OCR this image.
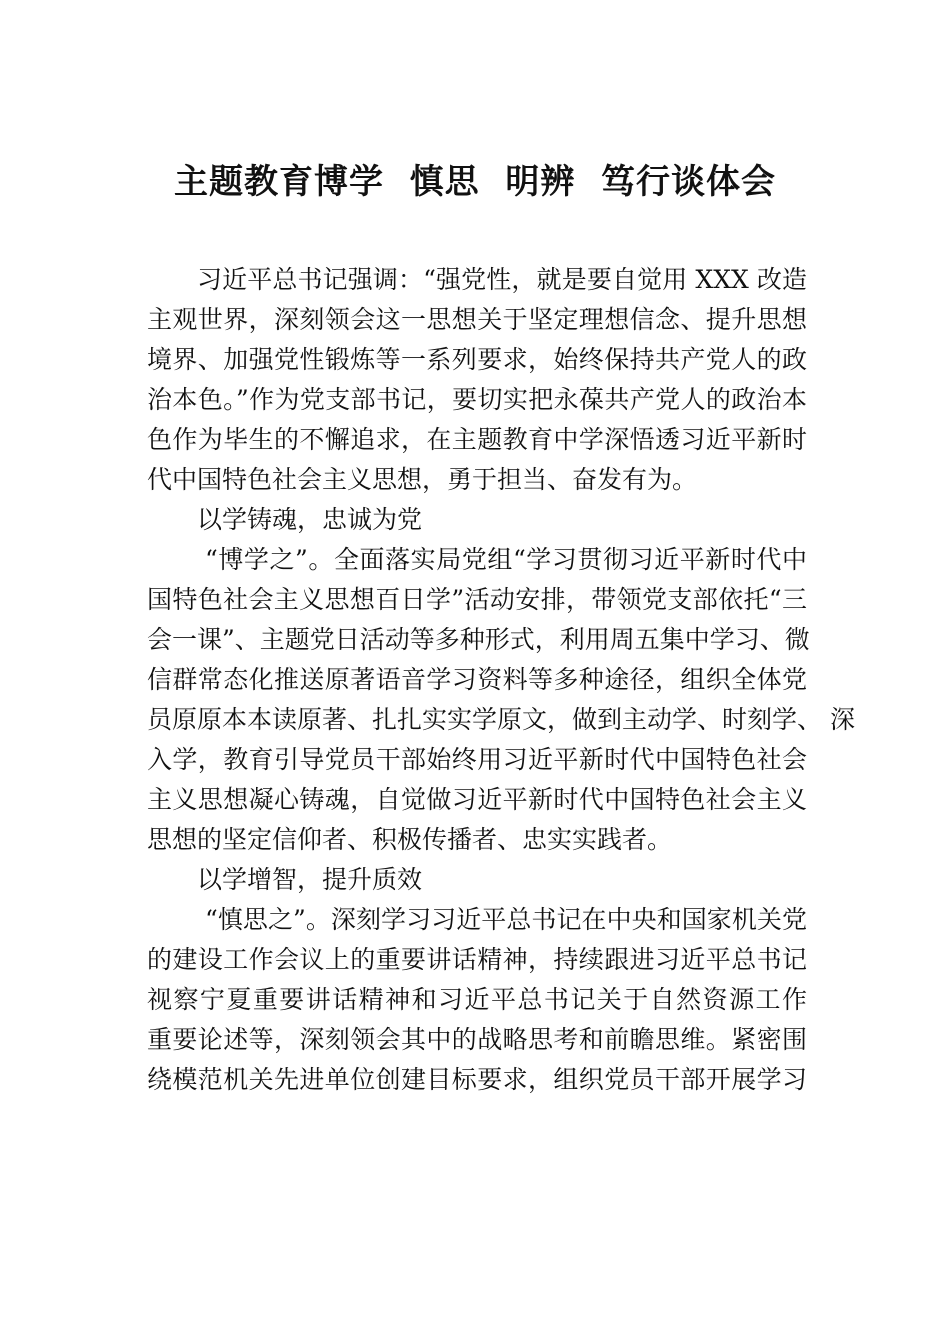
主题教育博学  慎思  明辨  笃行谈体会
习近平总书记强调：“强党性，就是要自觉用 XXX 改造
主观世界，深刻领会这一思想关于坚定理想信念、提升思想
境界、加强党性锻炼等一系列要求，始终保持共产党人的政
治本色。”作为党支部书记，要切实把永葆共产党人的政治本
色作为毕生的不懈追求，在主题教育中学深悟透习近平新时
代中国特色社会主义思想，勇于担当、奋发有为。
以学铸魂，忠诚为党
“博学之”。全面落实局党组“学习贯彻习近平新时代中
国特色社会主义思想百日学”活动安排，带领党支部依托“三
会一课”、主题党日活动等多种形式，利用周五集中学习、微
信群常态化推送原著语音学习资料等多种途径，组织全体党
员原原本本读原著、扎扎实实学原文，做到主动学、时刻学、 深
入学，教育引导党员干部始终用习近平新时代中国特色社会
主义思想凝心铸魂，自觉做习近平新时代中国特色社会主义
思想的坚定信仰者、积极传播者、忠实实践者。
以学增智，提升质效
“慎思之”。深刻学习习近平总书记在中央和国家机关党
的建设工作会议上的重要讲话精神，持续跟进习近平总书记
视察宁夏重要讲话精神和习近平总书记关于自然资源工作
重要论述等，深刻领会其中的战略思考和前瞻思维。紧密围
绕模范机关先进单位创建目标要求，组织党员干部开展学习
